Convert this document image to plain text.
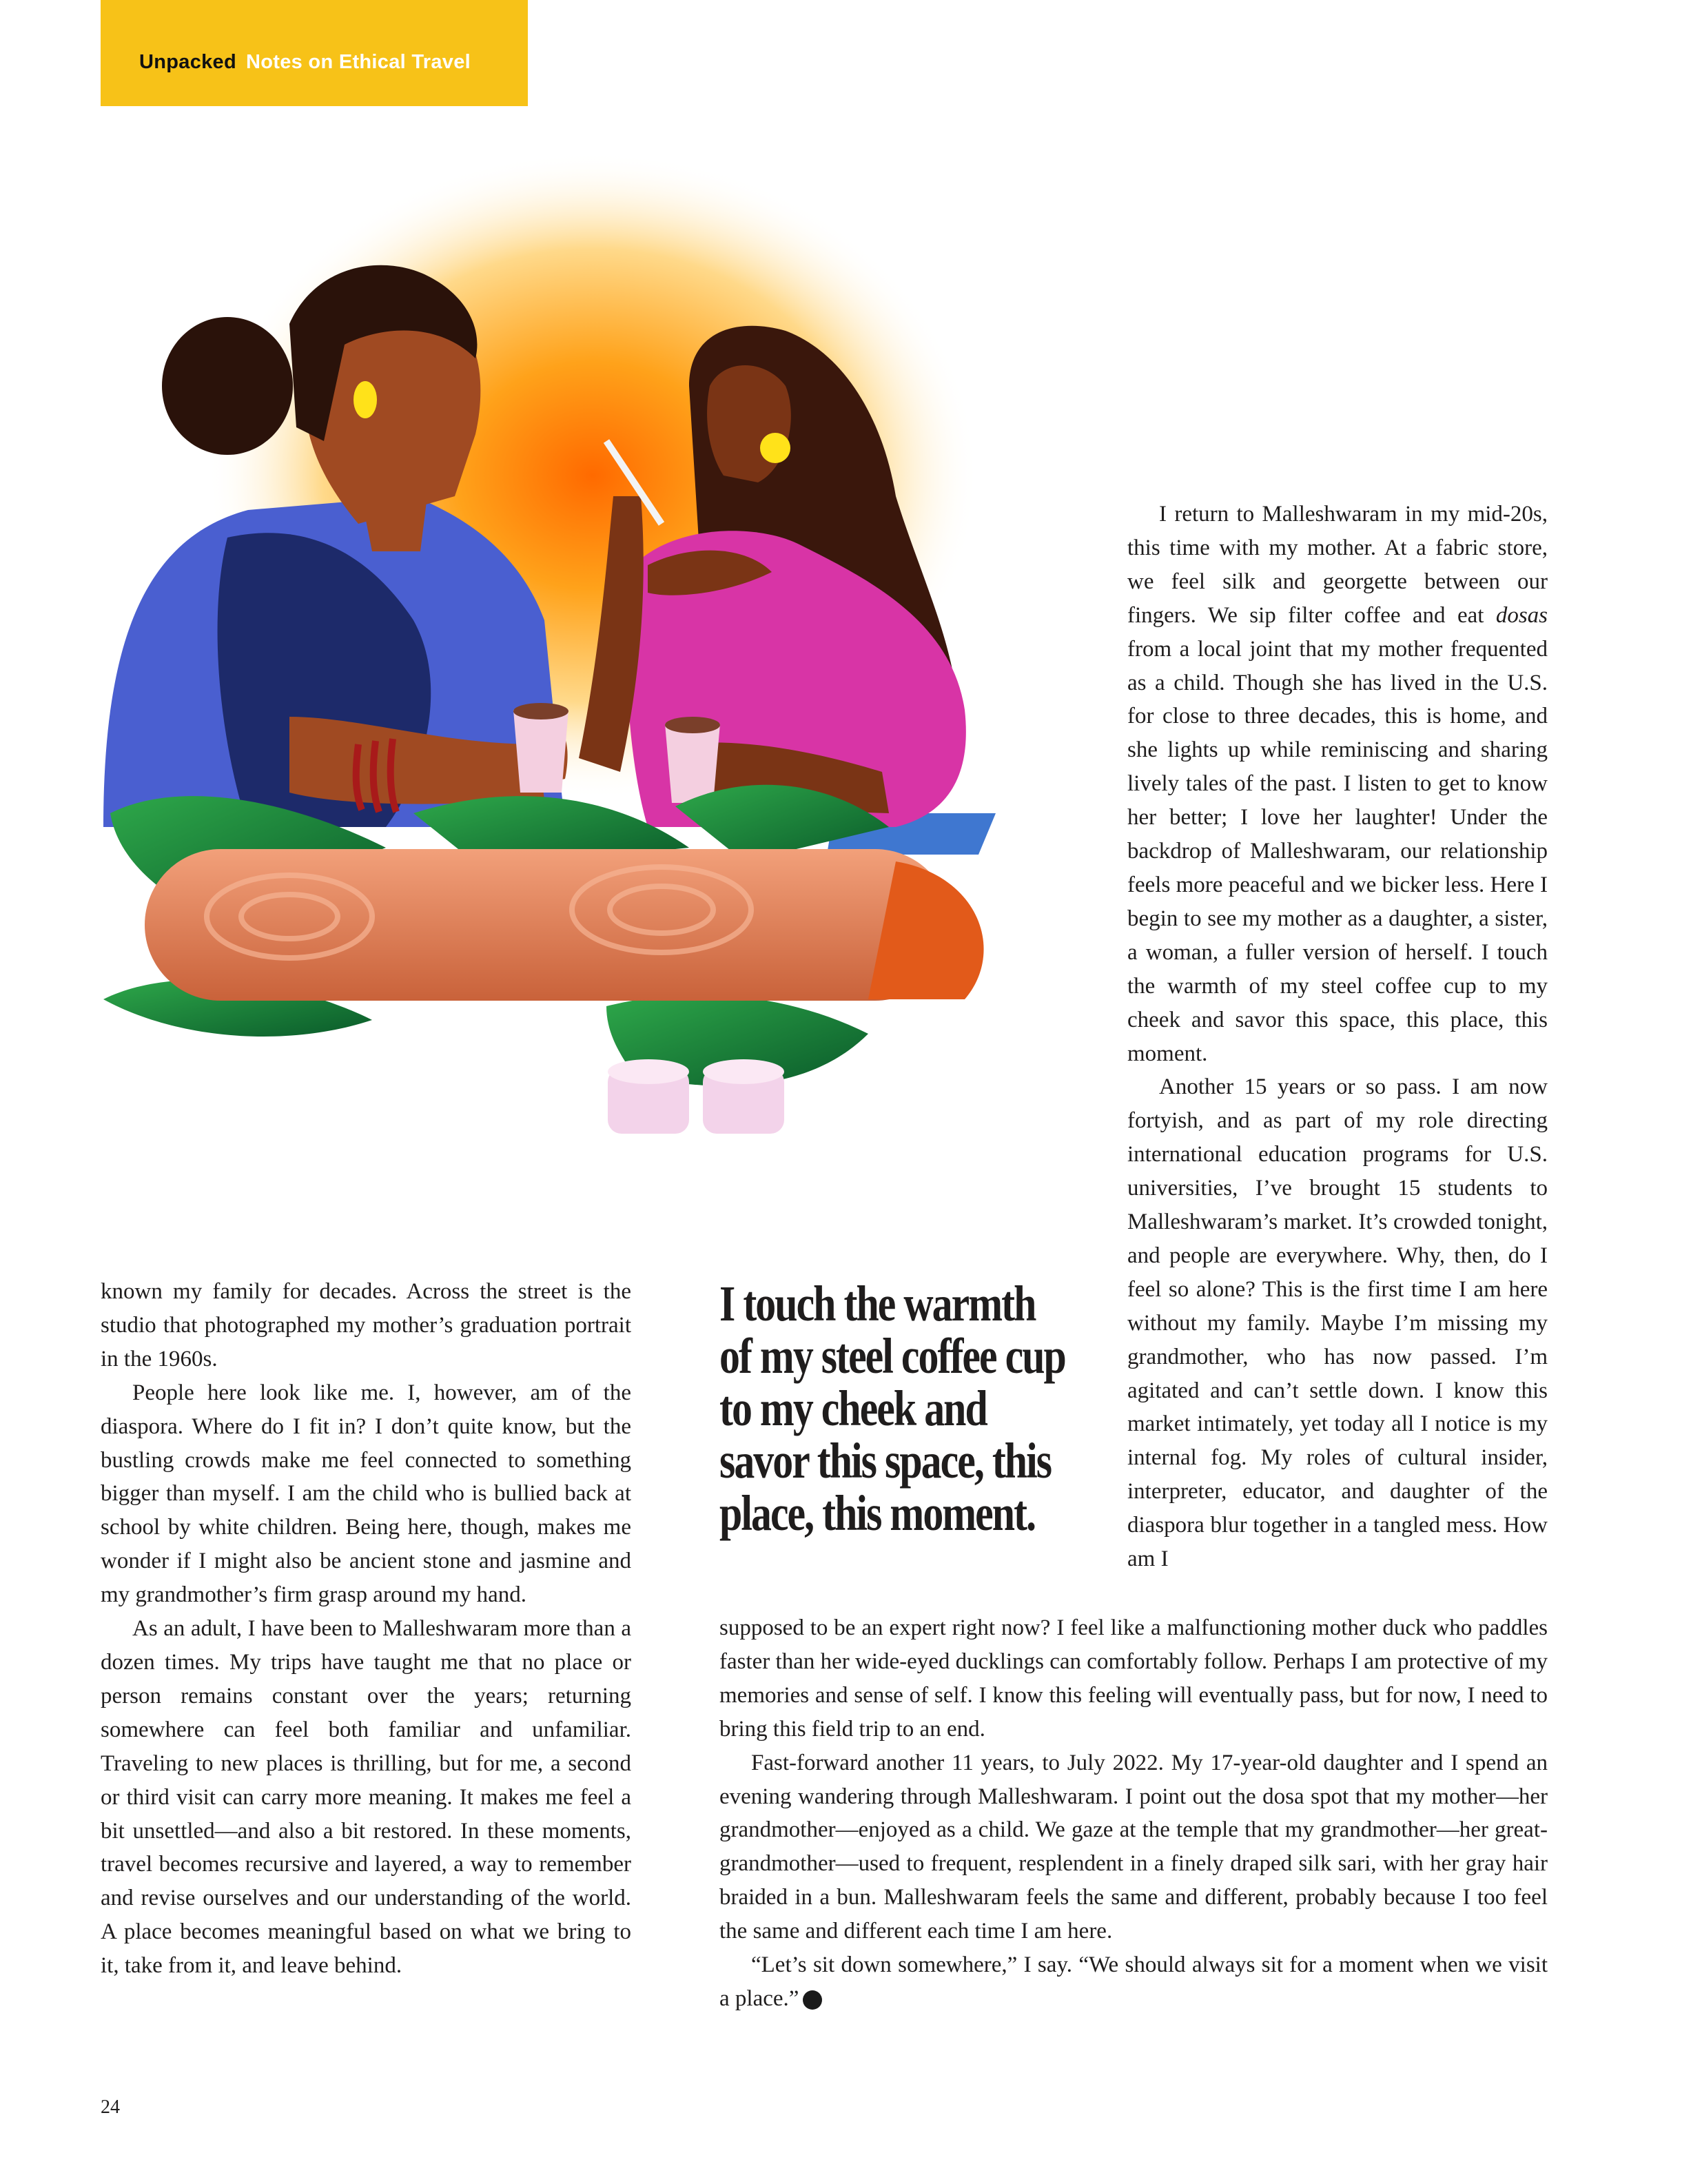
Unpacked Notes on Ethical Travel

known my family for decades. Across the street is the studio that photographed my mother’s graduation portrait in the 1960s.

People here look like me. I, however, am of the diaspora. Where do I fit in? I don’t quite know, but the bustling crowds make me feel connected to something bigger than myself. I am the child who is bullied back at school by white children. Being here, though, makes me wonder if I might also be ancient stone and jasmine and my grandmother’s firm grasp around my hand.

As an adult, I have been to Malleshwaram more than a dozen times. My trips have taught me that no place or person remains constant over the years; returning somewhere can feel both familiar and unfamiliar. Traveling to new places is thrilling, but for me, a second or third visit can carry more meaning. It makes me feel a bit unsettled—and also a bit restored. In these moments, travel becomes recursive and layered, a way to remember and revise ourselves and our understanding of the world. A place becomes meaningful based on what we bring to it, take from it, and leave behind.

I touch the warmth of my steel coffee cup to my cheek and savor this space, this place, this moment.

I return to Malleshwaram in my mid-20s, this time with my mother. At a fabric store, we feel silk and georgette between our fingers. We sip filter coffee and eat dosas from a local joint that my mother frequented as a child. Though she has lived in the U.S. for close to three decades, this is home, and she lights up while reminiscing and sharing lively tales of the past. I listen to get to know her better; I love her laughter! Under the backdrop of Malleshwaram, our relationship feels more peaceful and we bicker less. Here I begin to see my mother as a daughter, a sister, a woman, a fuller version of herself. I touch the warmth of my steel coffee cup to my cheek and savor this space, this place, this moment.

Another 15 years or so pass. I am now fortyish, and as part of my role directing international education programs for U.S. universities, I’ve brought 15 students to Malleshwaram’s market. It’s crowded tonight, and people are everywhere. Why, then, do I feel so alone? This is the first time I am here without my family. Maybe I’m missing my grandmother, who has now passed. I’m agitated and can’t settle down. I know this market intimately, yet today all I notice is my internal fog. My roles of cultural insider, interpreter, educator, and daughter of the diaspora blur together in a tangled mess. How am I

supposed to be an expert right now? I feel like a malfunctioning mother duck who paddles faster than her wide-eyed ducklings can comfortably follow. Perhaps I am protective of my memories and sense of self. I know this feeling will eventually pass, but for now, I need to bring this field trip to an end.

Fast-forward another 11 years, to July 2022. My 17-year-old daughter and I spend an evening wandering through Malleshwaram. I point out the dosa spot that my mother—her grandmother—enjoyed as a child. We gaze at the temple that my grandmother—her great-grandmother—used to frequent, resplendent in a finely draped silk sari, with her gray hair braided in a bun. Malleshwaram feels the same and different, probably because I too feel the same and different each time I am here.

“Let’s sit down somewhere,” I say. “We should always sit for a moment when we visit a place.”	A

24
